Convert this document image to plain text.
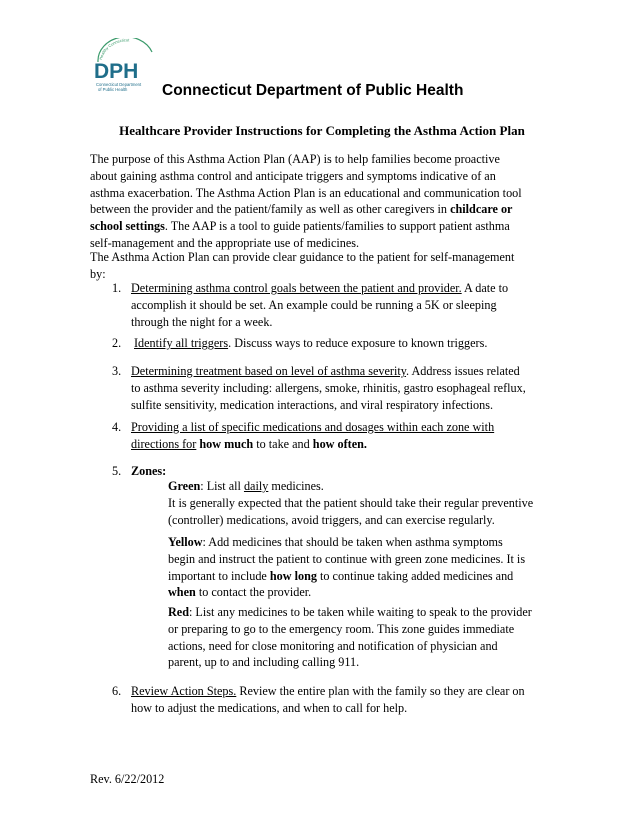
Healthy Connecticut
DPH
Connecticut Department
of Public Health Connecticut Department of Public Health
Healthcare Provider Instructions for Completing the Asthma Action Plan
The purpose of this Asthma Action Plan (AAP) is to help families become proactive
about gaining asthma control and anticipate triggers and symptoms indicative of an
asthma exacerbation. The Asthma Action Plan is an educational and communication tool
between the provider and the patient/family as well as other caregivers in childcare or
school settings. The AAP is a tool to guide patients/families to support patient asthma
self-management and the appropriate use of medicines.
The Asthma Action Plan can provide clear guidance to the patient for self-management
by:
1. Determining asthma control goals between the patient and provider. A date to
accomplish it should be set. An example could be running a 5K or sleeping
through the night for a week.
2. Identify all triggers. Discuss ways to reduce exposure to known triggers.
3. Determining treatment based on level of asthma severity. Address issues related
to asthma severity including: allergens, smoke, rhinitis, gastro esophageal reflux,
sulfite sensitivity, medication interactions, and viral respiratory infections.
4. Providing a list of specific medications and dosages within each zone with
directions for how much to take and how often.
5. Zones:
Green: List all daily medicines.
It is generally expected that the patient should take their regular preventive
(controller) medications, avoid triggers, and can exercise regularly.
Yellow: Add medicines that should be taken when asthma symptoms
begin and instruct the patient to continue with green zone medicines. It is
important to include how long to continue taking added medicines and
when to contact the provider.
Red: List any medicines to be taken while waiting to speak to the provider
or preparing to go to the emergency room. This zone guides immediate
actions, need for close monitoring and notification of physician and
parent, up to and including calling 911.
6. Review Action Steps. Review the entire plan with the family so they are clear on
how to adjust the medications, and when to call for help.
Rev. 6/22/2012
